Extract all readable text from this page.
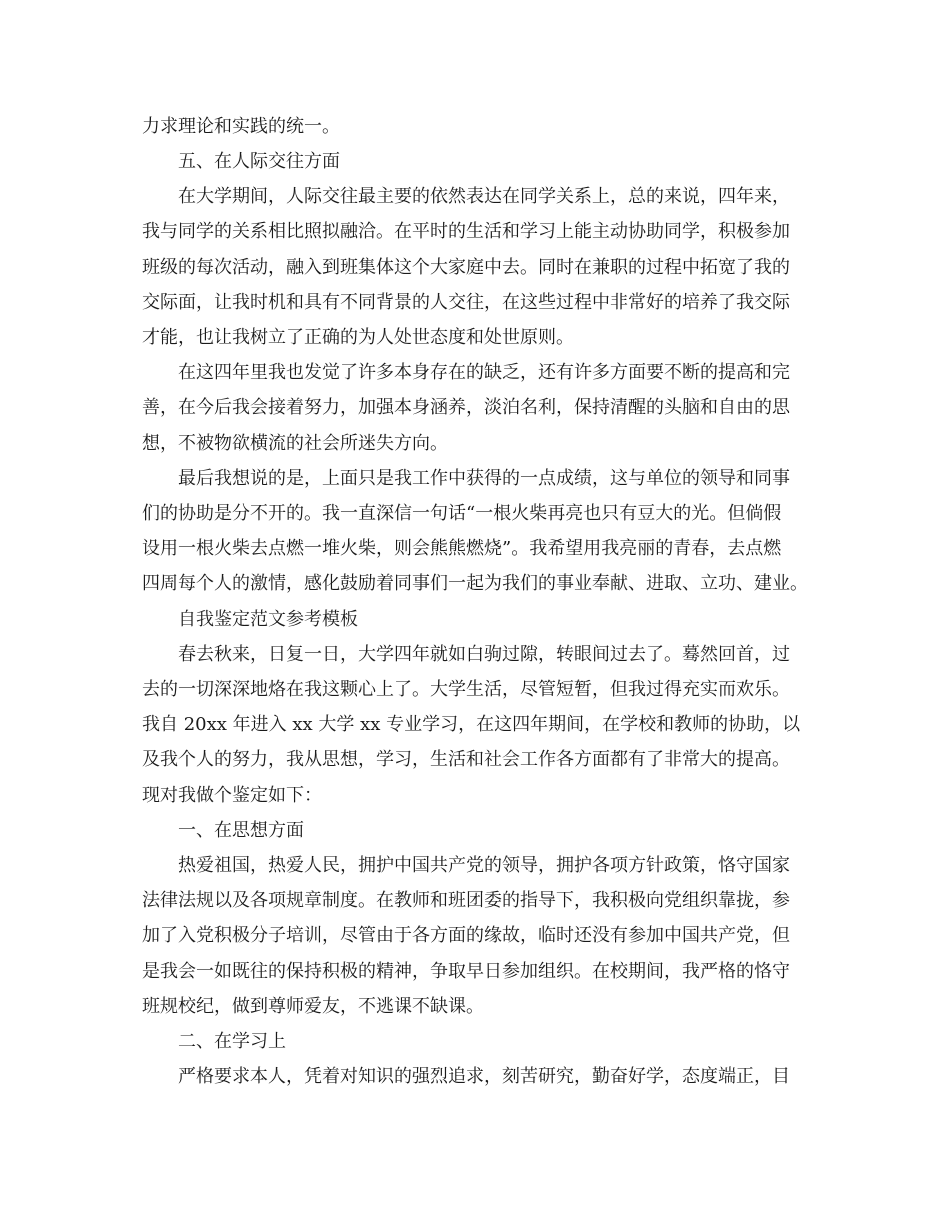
力求理论和实践的统一。
五、在人际交往方面
在大学期间，人际交往最主要的依然表达在同学关系上，总的来说，四年来，
我与同学的关系相比照拟融洽。在平时的生活和学习上能主动协助同学，积极参加
班级的每次活动，融入到班集体这个大家庭中去。同时在兼职的过程中拓宽了我的
交际面，让我时机和具有不同背景的人交往，在这些过程中非常好的培养了我交际
才能，也让我树立了正确的为人处世态度和处世原则。
在这四年里我也发觉了许多本身存在的缺乏，还有许多方面要不断的提高和完
善，在今后我会接着努力，加强本身涵养，淡泊名利，保持清醒的头脑和自由的思
想，不被物欲横流的社会所迷失方向。
最后我想说的是，上面只是我工作中获得的一点成绩，这与单位的领导和同事
们的协助是分不开的。我一直深信一句话“一根火柴再亮也只有豆大的光。但倘假
设用一根火柴去点燃一堆火柴，则会熊熊燃烧”。我希望用我亮丽的青春，去点燃
四周每个人的激情，感化鼓励着同事们一起为我们的事业奉献、进取、立功、建业。
自我鉴定范文参考模板
春去秋来，日复一日，大学四年就如白驹过隙，转眼间过去了。蓦然回首，过
去的一切深深地烙在我这颗心上了。大学生活，尽管短暂，但我过得充实而欢乐。
我自 20xx 年进入 xx 大学 xx 专业学习，在这四年期间，在学校和教师的协助，以
及我个人的努力，我从思想，学习，生活和社会工作各方面都有了非常大的提高。
现对我做个鉴定如下：
一、在思想方面
热爱祖国，热爱人民，拥护中国共产党的领导，拥护各项方针政策，恪守国家
法律法规以及各项规章制度。在教师和班团委的指导下，我积极向党组织靠拢，参
加了入党积极分子培训，尽管由于各方面的缘故，临时还没有参加中国共产党，但
是我会一如既往的保持积极的精神，争取早日参加组织。在校期间，我严格的恪守
班规校纪，做到尊师爱友，不逃课不缺课。
二、在学习上
严格要求本人，凭着对知识的强烈追求，刻苦研究，勤奋好学，态度端正，目
